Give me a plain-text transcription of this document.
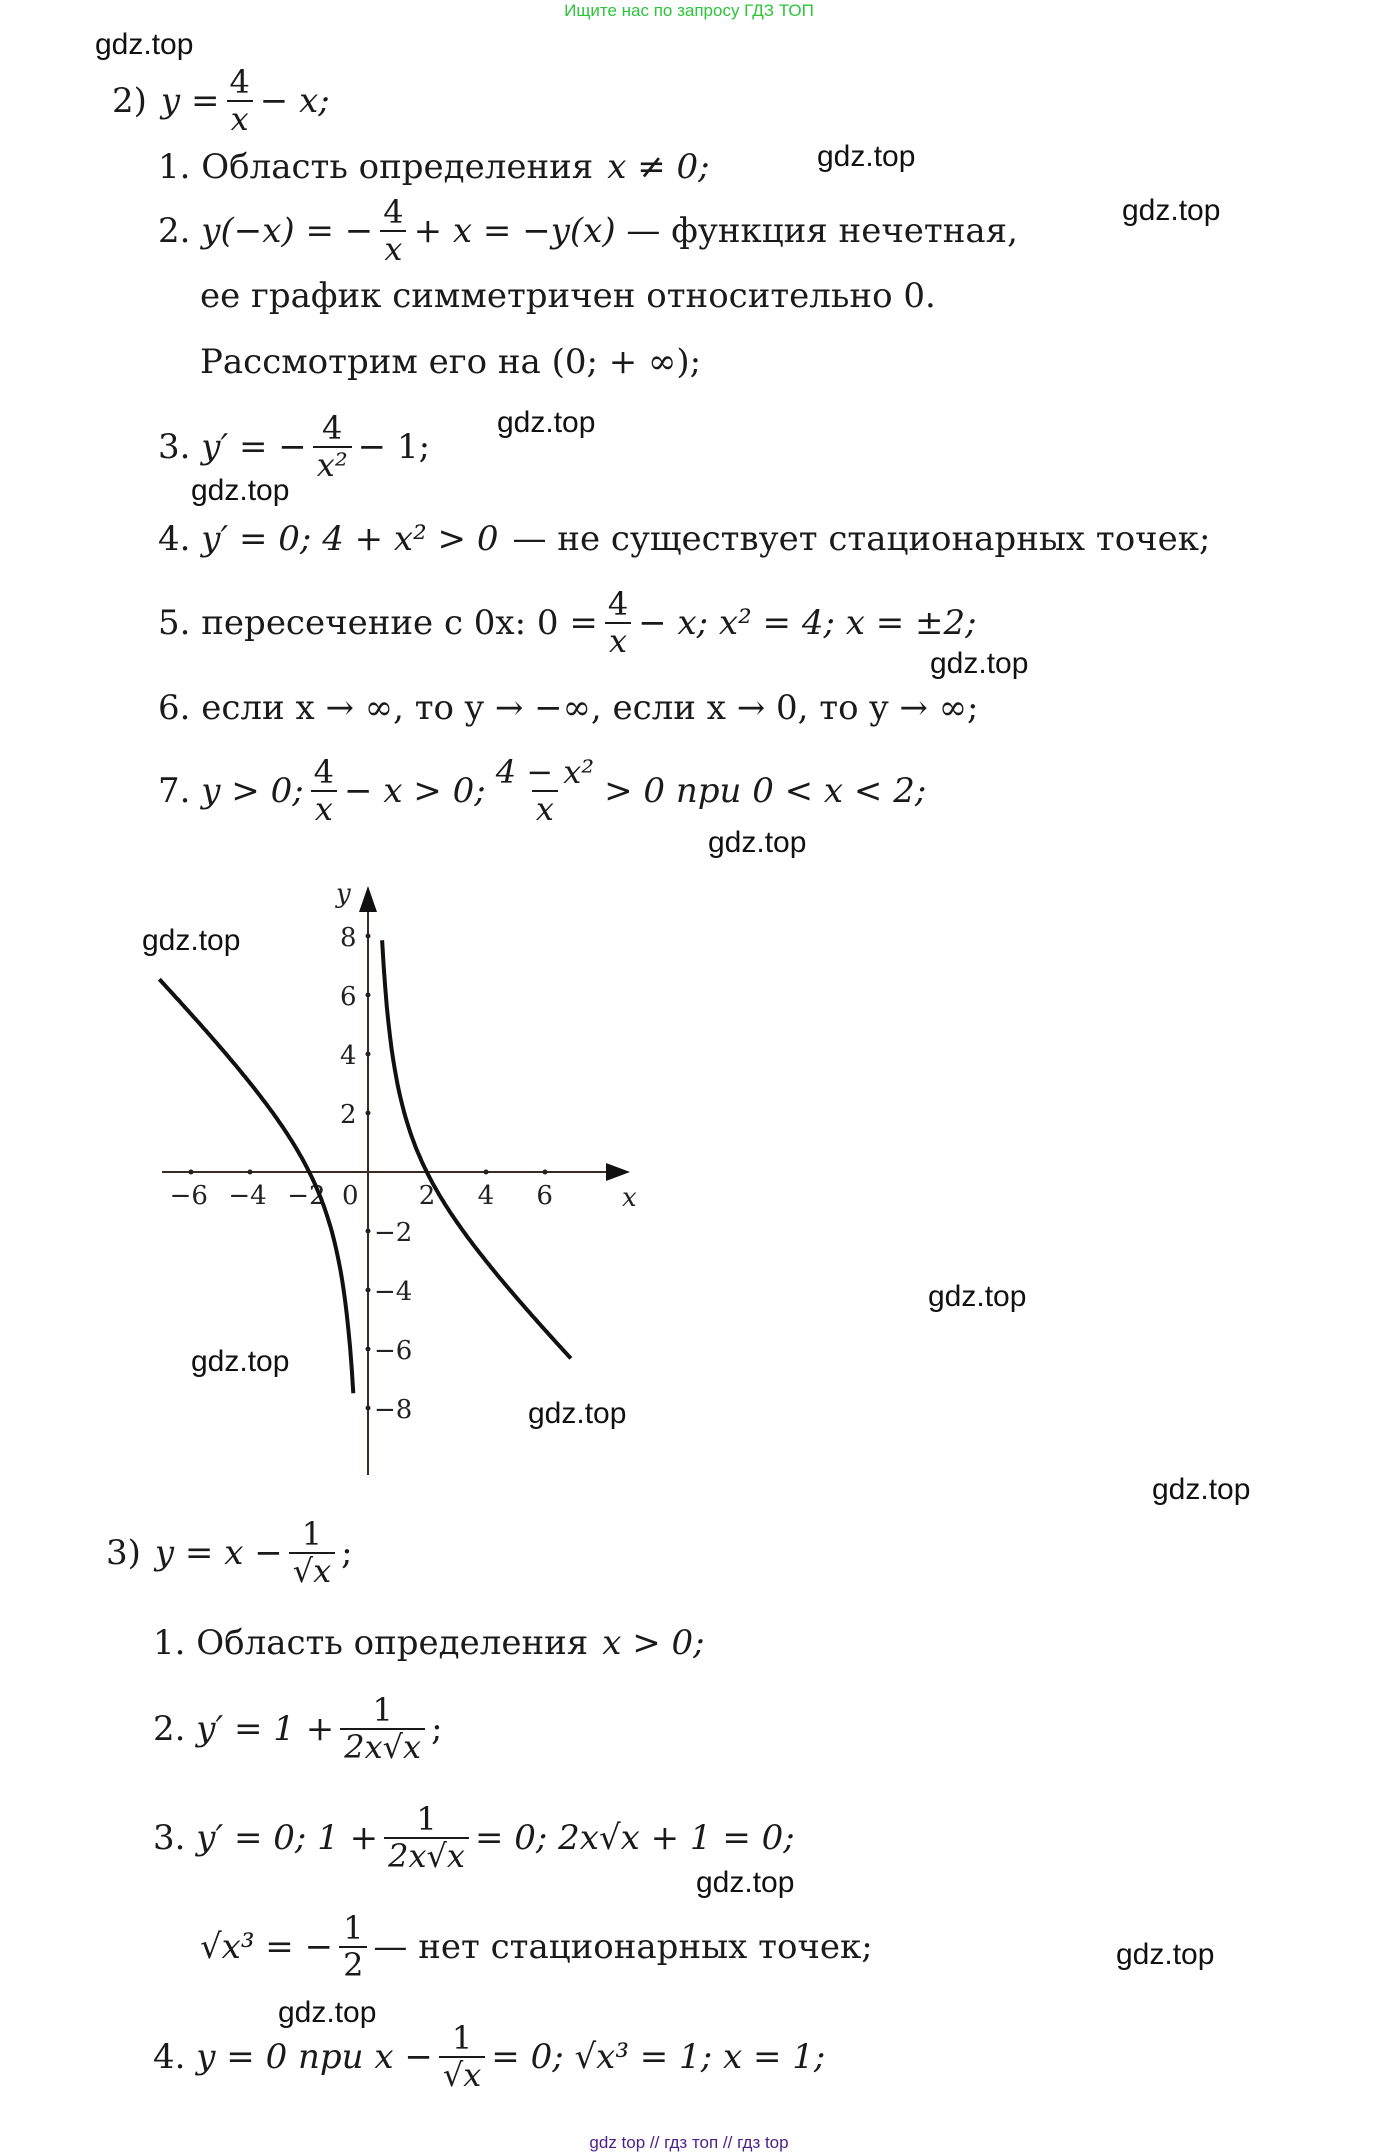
Ищите нас по запросу ГДЗ ТОП
gdz.top
gdz.top
gdz.top
gdz.top
gdz.top
gdz.top
gdz.top
gdz.top
gdz.top
gdz.top
gdz.top
gdz.top
gdz.top
gdz.top
gdz.top
2) y
= $\frac{4}{x} - x$;
1.
Область определения x ≠ 0;
2.
y(−x) = − $\frac{4}{x} + x = -y(x)$
— функция нечетная,
ее график симметричен относительно 0.
Рассмотрим его на
(0; + ∞);
3.
y′ = − $\frac{4}{\text{x²}} - 1$;
4.
y′ = 0; 4 + x² > 0 — не существует стационарных точек;
5.
пересечение с 0x:
$0 = \frac{4}{x} - x$; x² = 4; x = ±2;
6.
если x → ∞, то y → −∞, если x → 0, то y → ∞;
7.
y > 0; $\frac{4}{x} - x > 0$; $\frac{\text{4 − x²}}{x} > 0$ при 0 < x < 2;
−6 −4 −2 0 2 4 6
8
6
4
2
−2
−4
−6
−8
y
x
3) $y = x - \frac{1}{√x}$ ;
1.
Область определения x > 0;
2.
$y' = 1 + \frac{1}{2x√x}$ ;
3.
y′ = 0; $1 + \frac{1}{2x√x} = 0$; 2x√x + 1 = 0;
√x³ = − $\frac{1}{2}$ — нет стационарных точек;
4.
y = 0 при $x - \frac{1}{√x} = 0$; √x³ = 1; x = 1;
gdz top // гдз топ // гдз top
